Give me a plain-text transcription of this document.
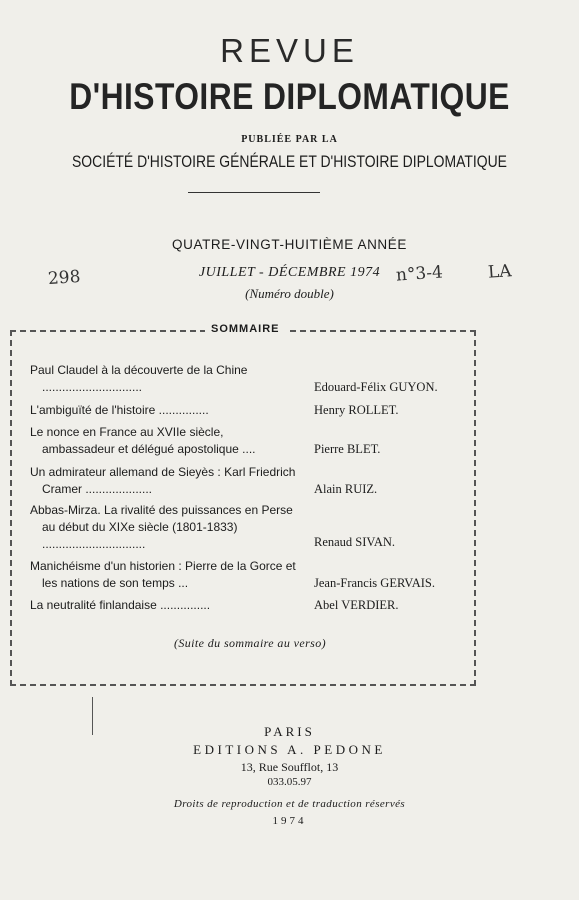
REVUE
D'HISTOIRE DIPLOMATIQUE
PUBLIÉE PAR LA
SOCIÉTÉ D'HISTOIRE GÉNÉRALE ET D'HISTOIRE DIPLOMATIQUE
QUATRE-VINGT-HUITIÈME ANNÉE
JUILLET - DÉCEMBRE 1974
(Numéro double)
298	n°3-4	LA
SOMMAIRE
Paul Claudel à la découverte de la Chine ..............................	Edouard-Félix GUYON.
L'ambiguïté de l'histoire ...............	Henry ROLLET.
Le nonce en France au XVIIe siècle, ambassadeur et délégué apostolique ....	Pierre BLET.
Un admirateur allemand de Sieyès : Karl Friedrich Cramer ....................	Alain RUIZ.
Abbas-Mirza. La rivalité des puissances en Perse au début du XIXe siècle (1801-1833) ...............................	Renaud SIVAN.
Manichéisme d'un historien : Pierre de la Gorce et les nations de son temps ...	Jean-Francis GERVAIS.
La neutralité finlandaise ...............	Abel VERDIER.
(Suite du sommaire au verso)
PARIS
EDITIONS A. PEDONE
13, Rue Soufflot, 13
033.05.97
Droits de reproduction et de traduction réservés
1974
